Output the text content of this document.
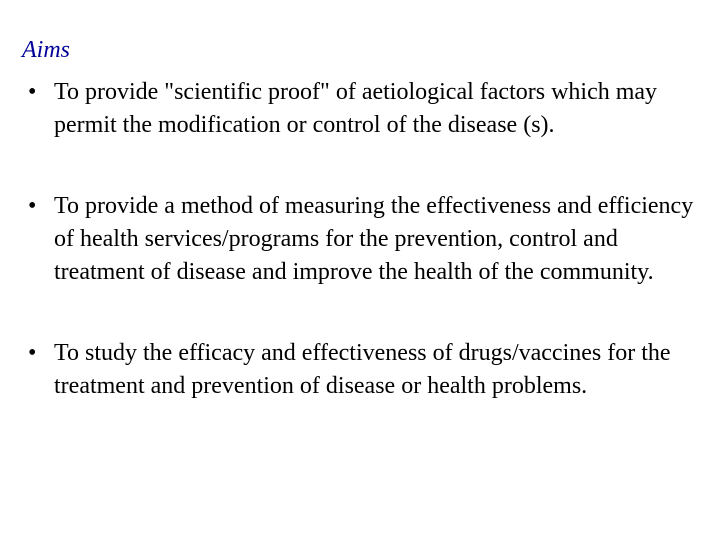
Aims
• To provide "scientific proof" of aetiological factors which may permit the modification or control of the disease (s).
• To provide a method of measuring the effectiveness and efficiency of health services/programs for the prevention, control and treatment of disease and improve the health of the community.
• To study the efficacy and effectiveness of drugs/vaccines for the treatment and prevention of disease or health problems.
